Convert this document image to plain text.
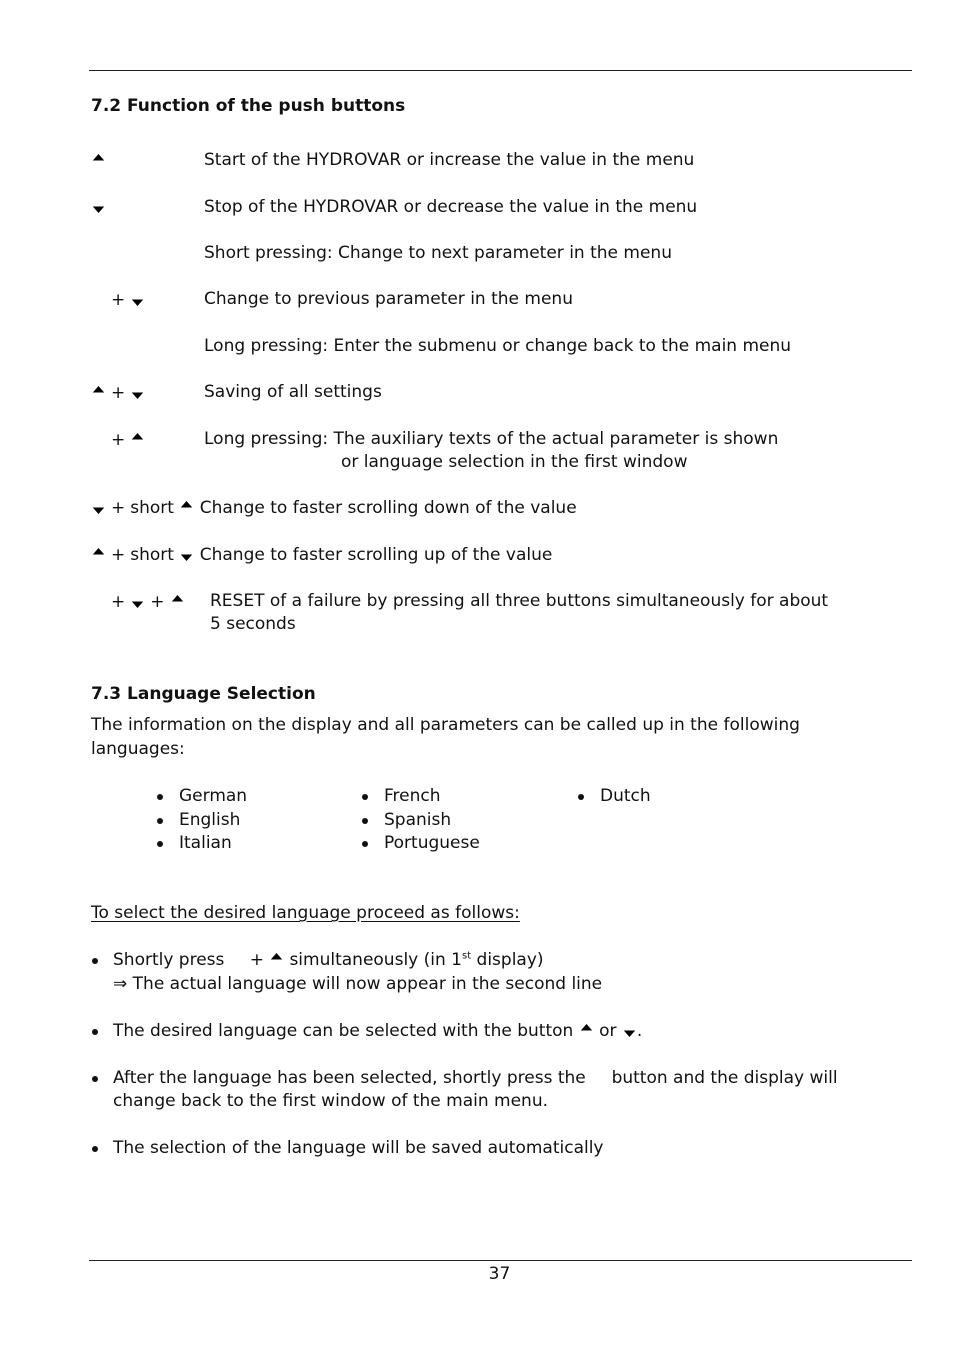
7.2 Function of the push buttons
Start of the HYDROVAR or increase the value in the menu
Stop of the HYDROVAR or decrease the value in the menu
Short pressing: Change to next parameter in the menu
+	Change to previous parameter in the menu
Long pressing: Enter the submenu or change back to the main menu
+	Saving of all settings
+	Long pressing: The auxiliary texts of the actual parameter is shown
or language selection in the first window
+ short Change to faster scrolling down of the value
+ short Change to faster scrolling up of the value
+ +	RESET of a failure by pressing all three buttons simultaneously for about
5 seconds
7.3 Language Selection
The information on the display and all parameters can be called up in the following
languages:
German
English
Italian
French
Spanish
Portuguese
Dutch
To select the desired language proceed as follows:
Shortly press + simultaneously (in 1st display)
⇒ The actual language will now appear in the second line
The desired language can be selected with the button or .
After the language has been selected, shortly press the button and the display will
change back to the first window of the main menu.
The selection of the language will be saved automatically
37
